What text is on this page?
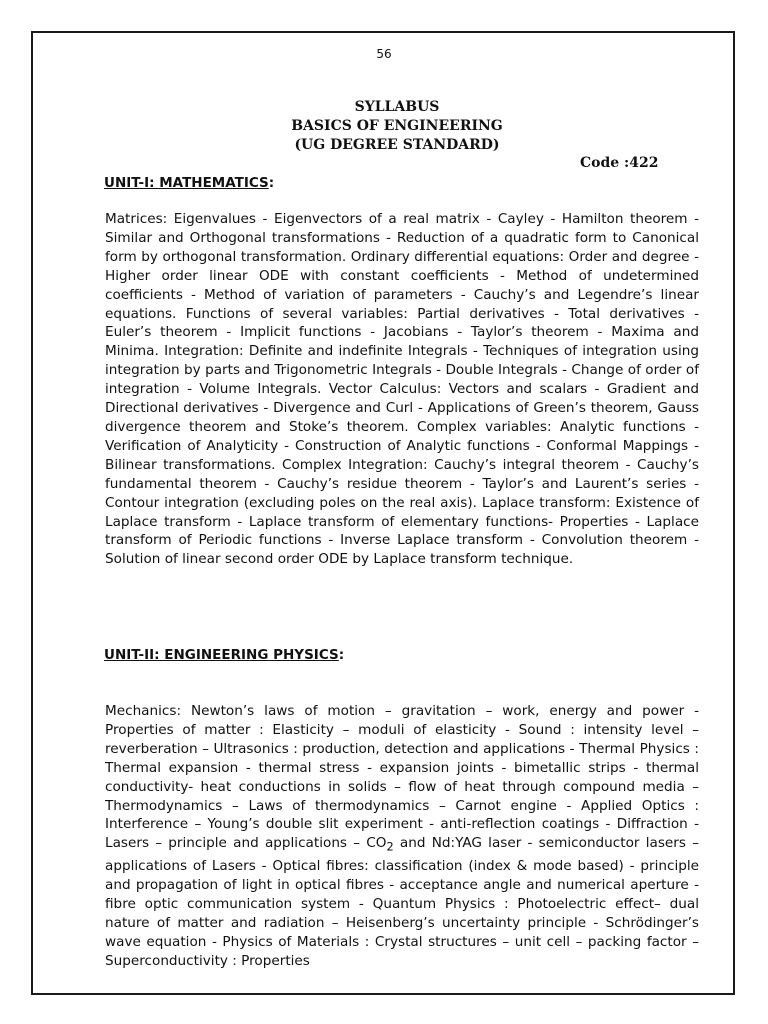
56
SYLLABUS
BASICS OF ENGINEERING
(UG DEGREE STANDARD)
Code :422
UNIT-I: MATHEMATICS:

Matrices: Eigenvalues - Eigenvectors of a real matrix - Cayley - Hamilton theorem - Similar and Orthogonal transformations - Reduction of a quadratic form to Canonical form by orthogonal transformation. Ordinary differential equations: Order and degree - Higher order linear ODE with constant coefficients - Method of undetermined coefficients - Method of variation of parameters - Cauchy’s and Legendre’s linear equations. Functions of several variables: Partial derivatives - Total derivatives - Euler’s theorem - Implicit functions - Jacobians - Taylor’s theorem - Maxima and Minima. Integration: Definite and indefinite Integrals - Techniques of integration using integration by parts and Trigonometric Integrals - Double Integrals - Change of order of integration - Volume Integrals. Vector Calculus: Vectors and scalars - Gradient and Directional derivatives - Divergence and Curl - Applications of Green’s theorem, Gauss divergence theorem and Stoke’s theorem. Complex variables: Analytic functions - Verification of Analyticity - Construction of Analytic functions - Conformal Mappings - Bilinear transformations. Complex Integration: Cauchy’s integral theorem - Cauchy’s fundamental theorem - Cauchy’s residue theorem - Taylor’s and Laurent’s series - Contour integration (excluding poles on the real axis). Laplace transform: Existence of Laplace transform - Laplace transform of elementary functions- Properties - Laplace transform of Periodic functions - Inverse Laplace transform - Convolution theorem - Solution of linear second order ODE by Laplace transform technique.

UNIT-II: ENGINEERING PHYSICS:

Mechanics: Newton’s laws of motion – gravitation – work, energy and power - Properties of matter : Elasticity – moduli of elasticity - Sound : intensity level – reverberation – Ultrasonics : production, detection and applications - Thermal Physics : Thermal expansion - thermal stress - expansion joints - bimetallic strips - thermal conductivity- heat conductions in solids – flow of heat through compound media – Thermodynamics – Laws of thermodynamics – Carnot engine - Applied Optics : Interference – Young’s double slit experiment - anti-reflection coatings - Diffraction - Lasers – principle and applications – $CO_2$ and Nd:YAG laser - semiconductor lasers – applications of Lasers - Optical fibres: classification (index & mode based) - principle and propagation of light in optical fibres - acceptance angle and numerical aperture - fibre optic communication system - Quantum Physics : Photoelectric effect– dual nature of matter and radiation – Heisenberg’s uncertainty principle - Schrödinger’s wave equation - Physics of Materials : Crystal structures – unit cell – packing factor – Superconductivity : Properties
